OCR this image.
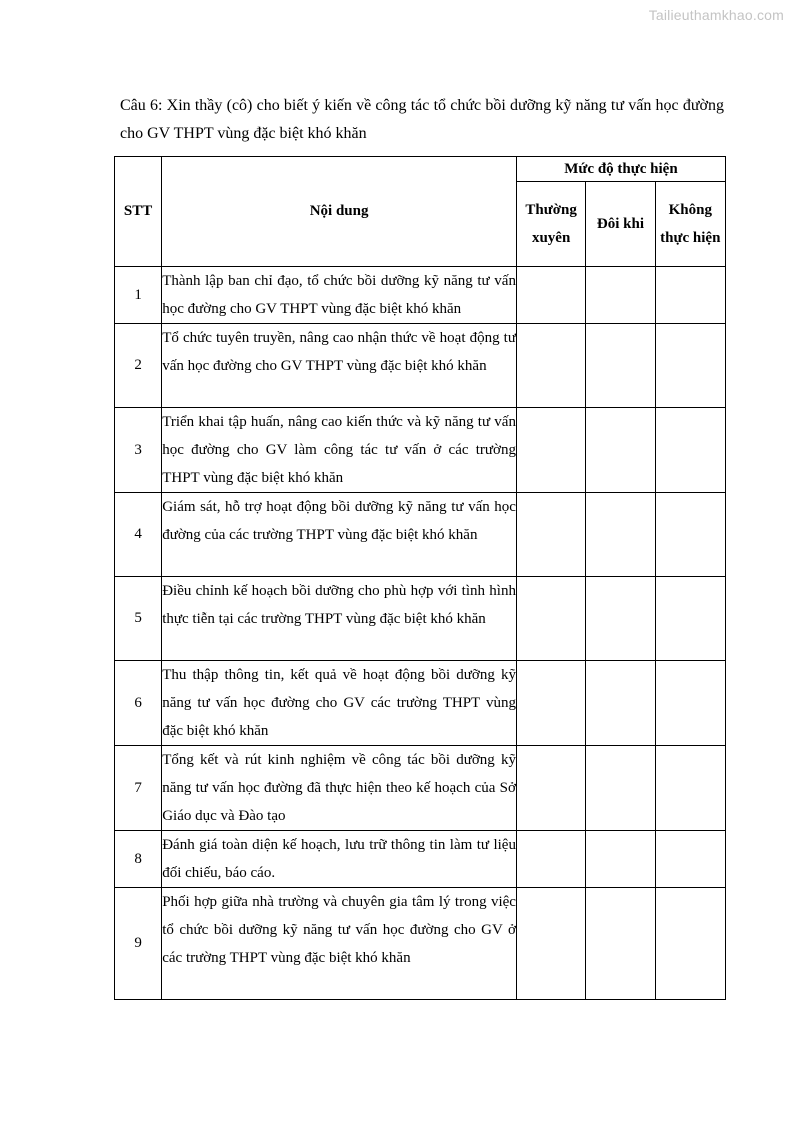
Tailieuthamkhao.com
Câu 6: Xin thầy (cô) cho biết ý kiến về công tác tổ chức bồi dưỡng kỹ năng tư vấn học đường cho GV THPT vùng đặc biệt khó khăn
STT	Nội dung	Mức độ thực hiện		
		Thường xuyên	Đôi khi	Không thực hiện
1	Thành lập ban chỉ đạo, tổ chức bồi dưỡng kỹ năng tư vấn học đường cho GV THPT vùng đặc biệt khó khăn			
2	Tổ chức tuyên truyền, nâng cao nhận thức về hoạt động tư vấn học đường cho GV THPT vùng đặc biệt khó khăn			
3	Triển khai tập huấn, nâng cao kiến thức và kỹ năng tư vấn học đường cho GV làm công tác tư vấn ở các trường THPT vùng đặc biệt khó khăn			
4	Giám sát, hỗ trợ hoạt động bồi dưỡng kỹ năng tư vấn học đường của các trường THPT vùng đặc biệt khó khăn			
5	Điều chỉnh kế hoạch bồi dưỡng cho phù hợp với tình hình thực tiễn tại các trường THPT vùng đặc biệt khó khăn			
6	Thu thập thông tin, kết quả về hoạt động bồi dưỡng kỹ năng tư vấn học đường cho GV các trường THPT vùng đặc biệt khó khăn			
7	Tổng kết và rút kinh nghiệm về công tác bồi dưỡng kỹ năng tư vấn học đường đã thực hiện theo kế hoạch của Sở Giáo dục và Đào tạo			
8	Đánh giá toàn diện kế hoạch, lưu trữ thông tin làm tư liệu đối chiếu, báo cáo.			
9	Phối hợp giữa nhà trường và chuyên gia tâm lý trong việc tổ chức bồi dưỡng kỹ năng tư vấn học đường cho GV ở các trường THPT vùng đặc biệt khó khăn			
